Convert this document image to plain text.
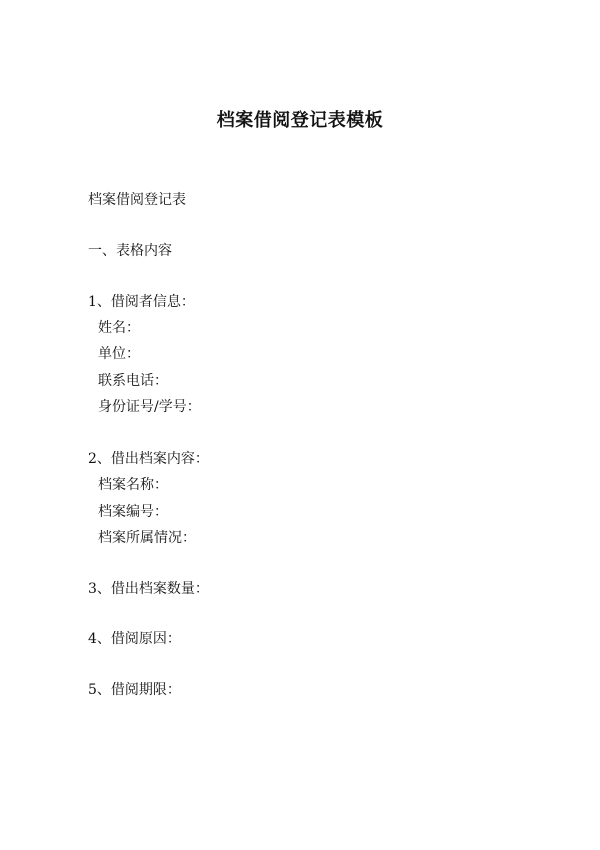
档案借阅登记表模板
档案借阅登记表
一、表格内容
1、借阅者信息：
姓名：
单位：
联系电话：
身份证号/学号：
2、借出档案内容：
档案名称：
档案编号：
档案所属情况：
3、借出档案数量：
4、借阅原因：
5、借阅期限：
